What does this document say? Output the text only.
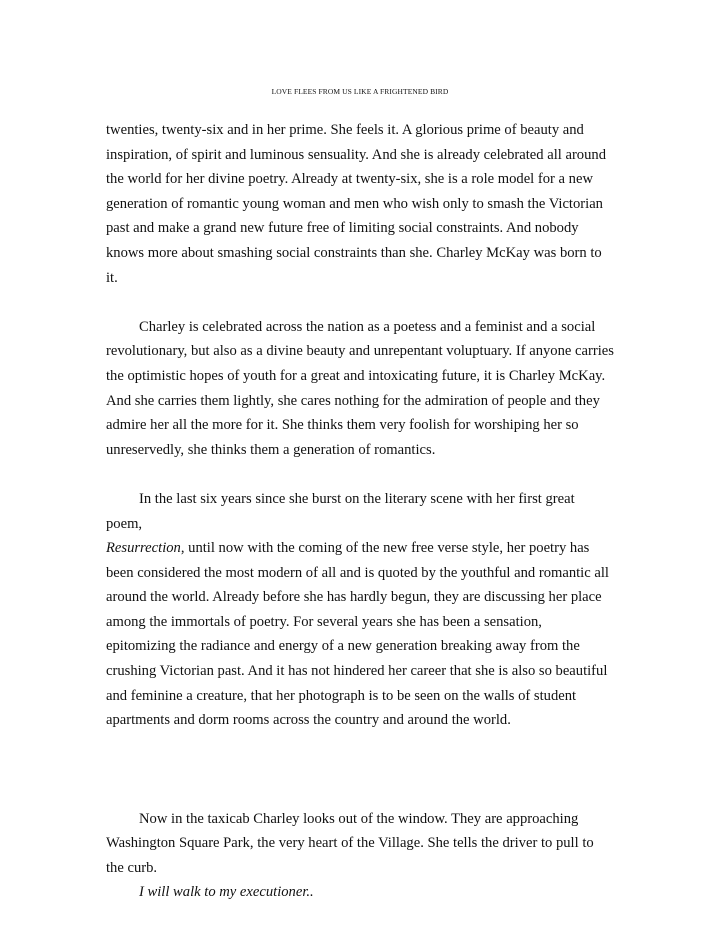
LOVE FLEES FROM US LIKE A FRIGHTENED BIRD

twenties, twenty-six and in her prime. She feels it. A glorious prime of beauty and inspiration, of spirit and luminous sensuality. And she is already celebrated all around the world for her divine poetry. Already at twenty-six, she is a role model for a new generation of romantic young woman and men who wish only to smash the Victorian past and make a grand new future free of limiting social constraints. And nobody knows more about smashing social constraints than she. Charley McKay was born to it.

Charley is celebrated across the nation as a poetess and a feminist and a social revolutionary, but also as a divine beauty and unrepentant voluptuary. If anyone carries the optimistic hopes of youth for a great and intoxicating future, it is Charley McKay. And she carries them lightly, she cares nothing for the admiration of people and they admire her all the more for it. She thinks them very foolish for worshiping her so unreservedly, she thinks them a generation of romantics.

In the last six years since she burst on the literary scene with her first great poem,
Resurrection, until now with the coming of the new free verse style, her poetry has been considered the most modern of all and is quoted by the youthful and romantic all around the world. Already before she has hardly begun, they are discussing her place among the immortals of poetry. For several years she has been a sensation, epitomizing the radiance and energy of a new generation breaking away from the crushing Victorian past. And it has not hindered her career that she is also so beautiful and feminine a creature, that her photograph is to be seen on the walls of student apartments and dorm rooms across the country and around the world.

Now in the taxicab Charley looks out of the window. They are approaching Washington Square Park, the very heart of the Village. She tells the driver to pull to the curb.

I will walk to my executioner..
